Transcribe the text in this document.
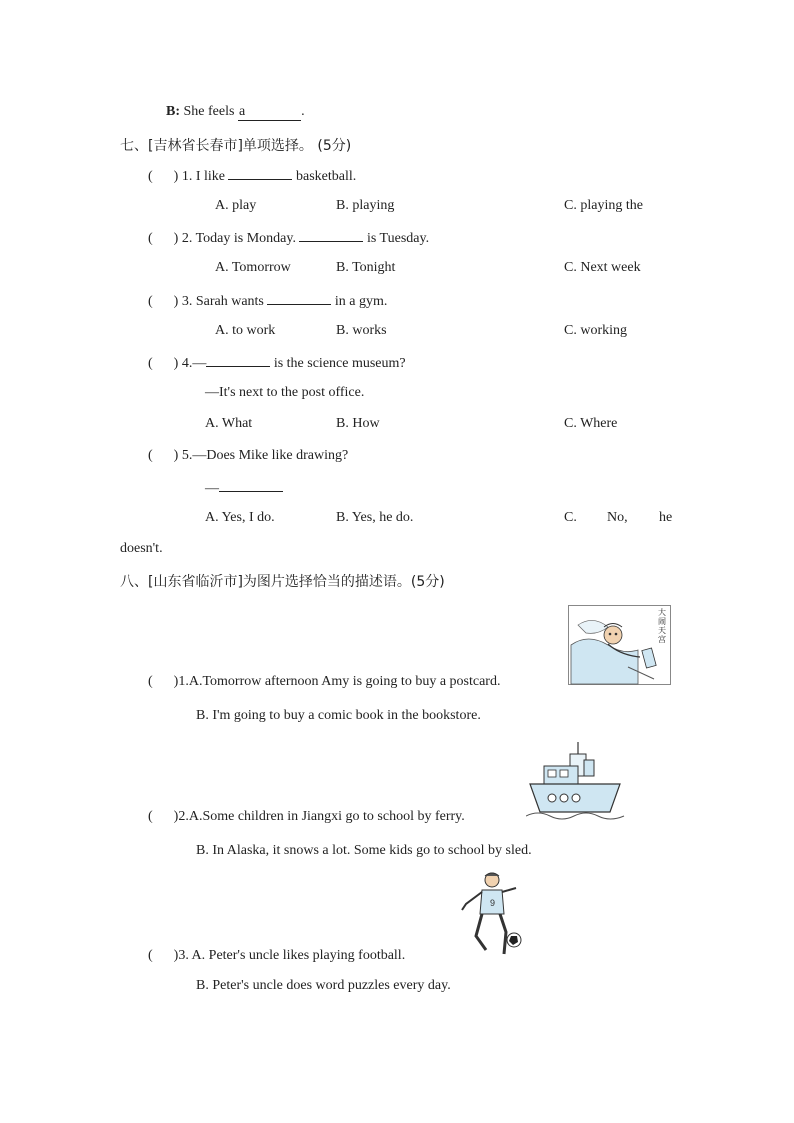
B: She feels a	.
七、[吉林省长春市]单项选择。 (5分)
(      ) 1. I like	basketball.
A. play	B. playing	C. playing the
(      ) 2. Today is Monday.	is Tuesday.
A. Tomorrow	B. Tonight	C. Next week
(      ) 3. Sarah wants	in a gym.
A. to work	B. works	C. working
(      ) 4.—	is the science museum?
—It's next to the post office.
A. What	B. How	C. Where
(      ) 5.—Does Mike like drawing?
—
A. Yes, I do.	B. Yes, he do.	C. No, he
doesn't.
八、[山东省临沂市]为图片选择恰当的描述语。(5分)
大闹天宫
(      )1.A.Tomorrow afternoon Amy is going to buy a postcard.
B. I'm going to buy a comic book in the bookstore.
(      )2.A.Some children in Jiangxi go to school by ferry.
B. In Alaska, it snows a lot. Some kids go to school by sled.
9
(      )3. A. Peter's uncle likes playing football.
B. Peter's uncle does word puzzles every day.
